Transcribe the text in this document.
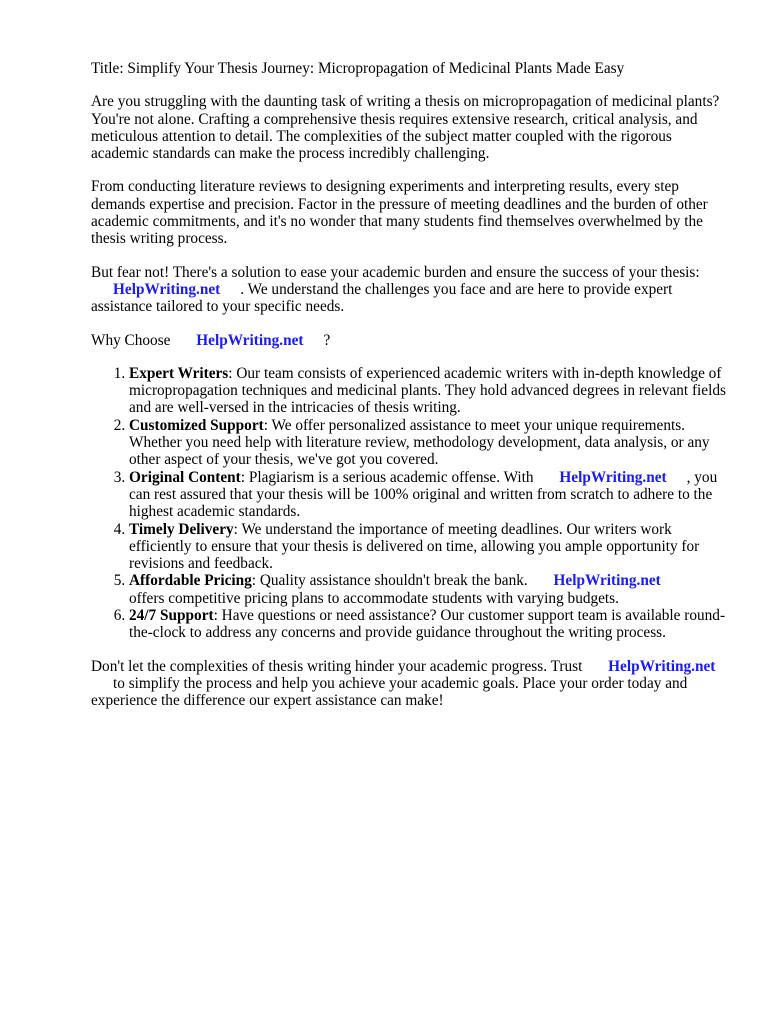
Title: Simplify Your Thesis Journey: Micropropagation of Medicinal Plants Made Easy

Are you struggling with the daunting task of writing a thesis on micropropagation of medicinal plants? You're not alone. Crafting a comprehensive thesis requires extensive research, critical analysis, and meticulous attention to detail. The complexities of the subject matter coupled with the rigorous academic standards can make the process incredibly challenging.

From conducting literature reviews to designing experiments and interpreting results, every step demands expertise and precision. Factor in the pressure of meeting deadlines and the burden of other academic commitments, and it's no wonder that many students find themselves overwhelmed by the thesis writing process.

But fear not! There's a solution to ease your academic burden and ensure the success of your thesis:
HelpWriting.net . We understand the challenges you face and are here to provide expert assistance tailored to your specific needs.

Why Choose HelpWriting.net ?

1. Expert Writers: Our team consists of experienced academic writers with in-depth knowledge of micropropagation techniques and medicinal plants. They hold advanced degrees in relevant fields and are well-versed in the intricacies of thesis writing.
2. Customized Support: We offer personalized assistance to meet your unique requirements. Whether you need help with literature review, methodology development, data analysis, or any other aspect of your thesis, we've got you covered.
3. Original Content: Plagiarism is a serious academic offense. With HelpWriting.net , you can rest assured that your thesis will be 100% original and written from scratch to adhere to the highest academic standards.
4. Timely Delivery: We understand the importance of meeting deadlines. Our writers work efficiently to ensure that your thesis is delivered on time, allowing you ample opportunity for revisions and feedback.
5. Affordable Pricing: Quality assistance shouldn't break the bank. HelpWriting.net
offers competitive pricing plans to accommodate students with varying budgets.
6. 24/7 Support: Have questions or need assistance? Our customer support team is available round-the-clock to address any concerns and provide guidance throughout the writing process.

Don't let the complexities of thesis writing hinder your academic progress. Trust HelpWriting.net
to simplify the process and help you achieve your academic goals. Place your order today and experience the difference our expert assistance can make!
